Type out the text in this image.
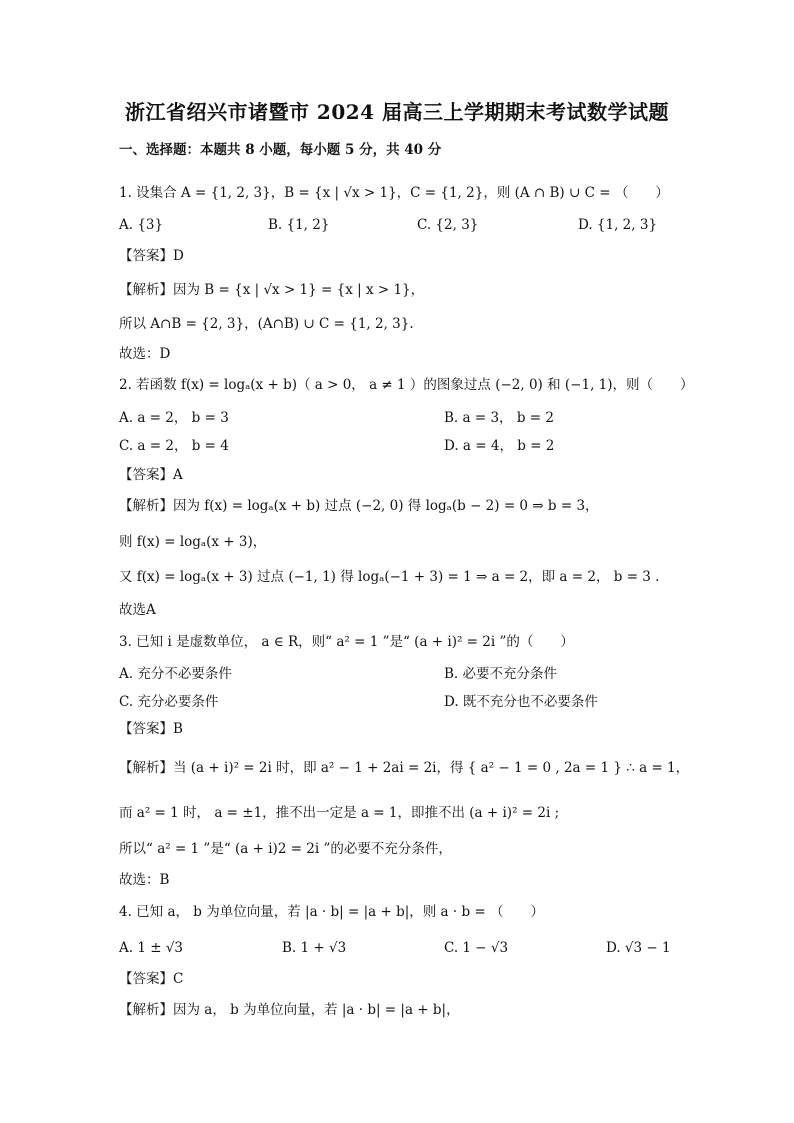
浙江省绍兴市诸暨市 2024 届高三上学期期末考试数学试题
一、选择题：本题共 8 小题，每小题 5 分，共 40 分
1. 设集合 A = {1, 2, 3}，B = {x | √x > 1}，C = {1, 2}，则 (A ∩ B) ∪ C = （　　）
A. {3}	B. {1, 2}	C. {2, 3}	D. {1, 2, 3}
【答案】D
【解析】因为 B = {x | √x > 1} = {x | x > 1}，
所以 A∩B = {2, 3}，(A∩B) ∪ C = {1, 2, 3}.
故选：D
2. 若函数 f(x) = logₐ(x + b)（ a > 0， a ≠ 1 ）的图象过点 (−2, 0) 和 (−1, 1)，则（　　）
A. a = 2， b = 3	B. a = 3， b = 2
C. a = 2， b = 4	D. a = 4， b = 2
【答案】A
【解析】因为 f(x) = logₐ(x + b) 过点 (−2, 0) 得 logₐ(b − 2) = 0 ⇒ b = 3，
则 f(x) = logₐ(x + 3)，
又 f(x) = logₐ(x + 3) 过点 (−1, 1) 得 logₐ(−1 + 3) = 1 ⇒ a = 2，即 a = 2， b = 3 .
故选A
3. 已知 i 是虚数单位， a ∈ R，则“ a² = 1 ”是“ (a + i)² = 2i ”的（　　）
A. 充分不必要条件	B. 必要不充分条件
C. 充分必要条件	D. 既不充分也不必要条件
【答案】B
【解析】当 (a + i)² = 2i 时，即 a² − 1 + 2ai = 2i，得 { a² − 1 = 0 , 2a = 1 } ∴ a = 1，
而 a² = 1 时， a = ±1，推不出一定是 a = 1，即推不出 (a + i)² = 2i ;
所以“ a² = 1 ”是“ (a + i)2 = 2i ”的必要不充分条件，
故选：B
4. 已知 a， b 为单位向量，若 |a · b| = |a + b|，则 a · b = （　　）
A. 1 ± √3	B. 1 + √3	C. 1 − √3	D. √3 − 1
【答案】C
【解析】因为 a， b 为单位向量，若 |a · b| = |a + b|，
